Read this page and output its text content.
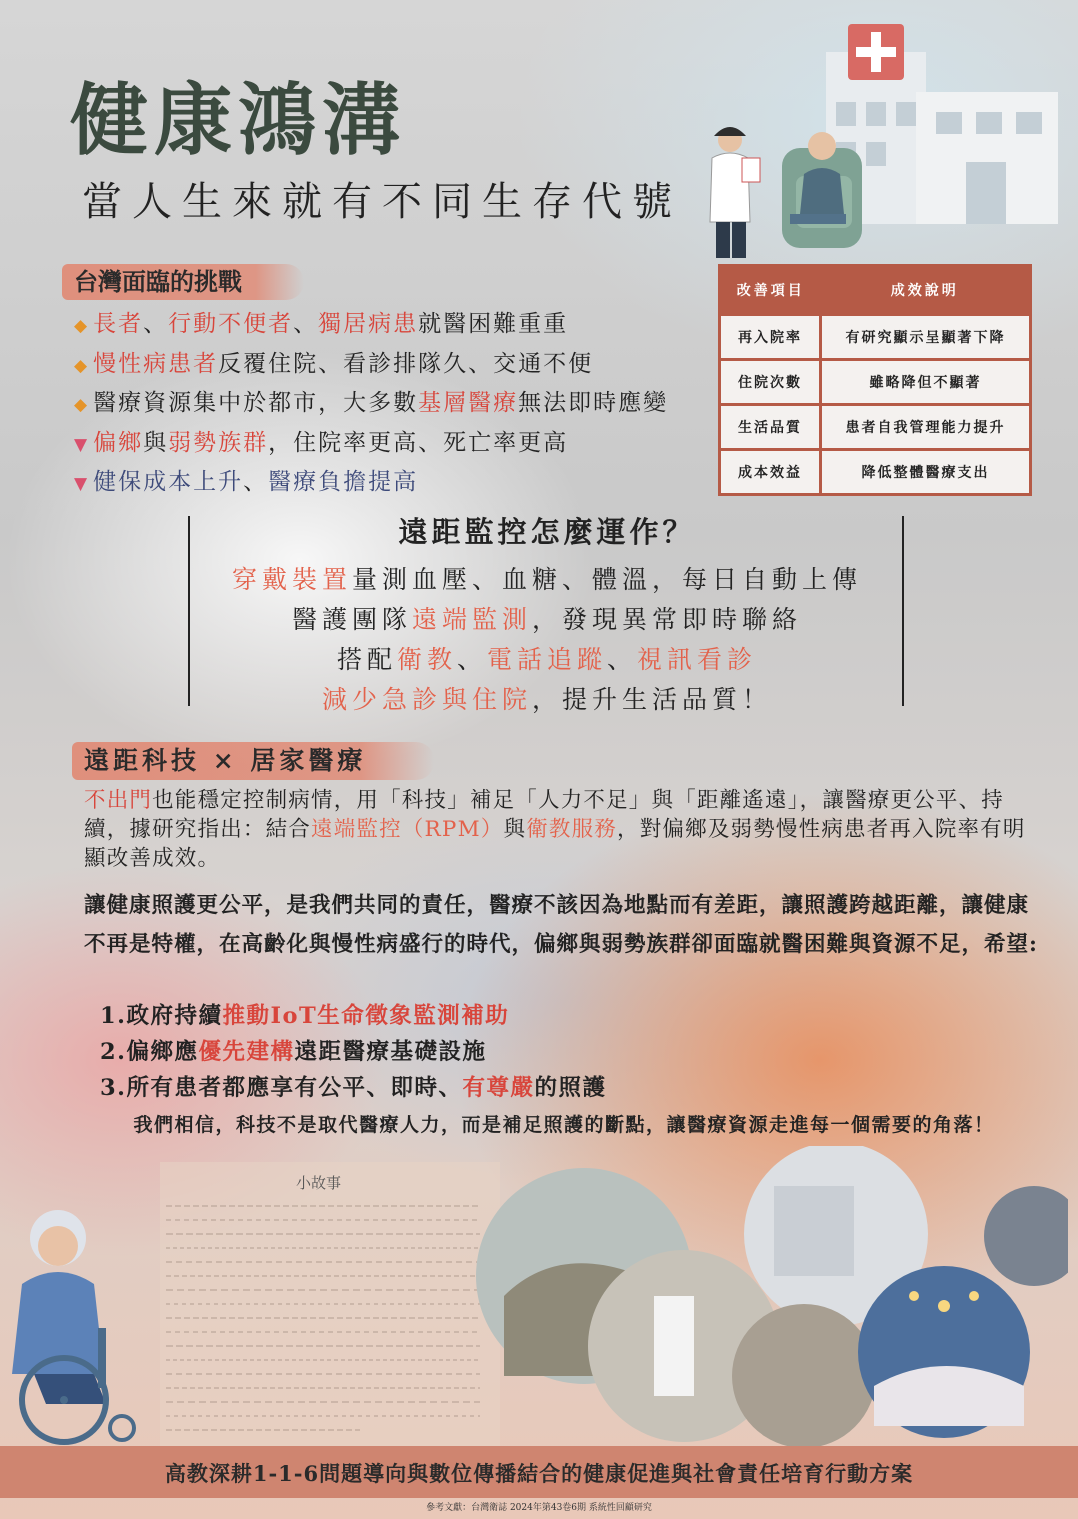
健康鴻溝
當人生來就有不同生存代號
台灣面臨的挑戰
◆ 長者、行動不便者、獨居病患就醫困難重重
◆ 慢性病患者反覆住院、看診排隊久、交通不便
◆ 醫療資源集中於都市，大多數基層醫療無法即時應變
▼ 偏鄉與弱勢族群，住院率更高、死亡率更高
▼ 健保成本上升、醫療負擔提高
改善項目	成效說明
再入院率	有研究顯示呈顯著下降
住院次數	雖略降但不顯著
生活品質	患者自我管理能力提升
成本效益	降低整體醫療支出
遠距監控怎麼運作？
穿戴裝置量測血壓、血糖、體溫，每日自動上傳
醫護團隊遠端監測，發現異常即時聯絡
搭配衛教、電話追蹤、視訊看診
減少急診與住院，提升生活品質！
遠距科技 × 居家醫療
不出門也能穩定控制病情，用「科技」補足「人力不足」與「距離遙遠」，讓醫療更公平、持續，據研究指出：結合遠端監控（RPM）與衛教服務，對偏鄉及弱勢慢性病患者再入院率有明顯改善成效。
讓健康照護更公平，是我們共同的責任，醫療不該因為地點而有差距，讓照護跨越距離，讓健康不再是特權，在高齡化與慢性病盛行的時代，偏鄉與弱勢族群卻面臨就醫困難與資源不足，希望:
1.政府持續推動IoT生命徵象監測補助
2.偏鄉應優先建構遠距醫療基礎設施
3.所有患者都應享有公平、即時、有尊嚴的照護
我們相信，科技不是取代醫療人力，而是補足照護的斷點，讓醫療資源走進每一個需要的角落！
小故事
高教深耕1-1-6問題導向與數位傳播結合的健康促進與社會責任培育行動方案
參考文獻：台灣衛誌 2024年第43卷6期 系統性回顧研究
